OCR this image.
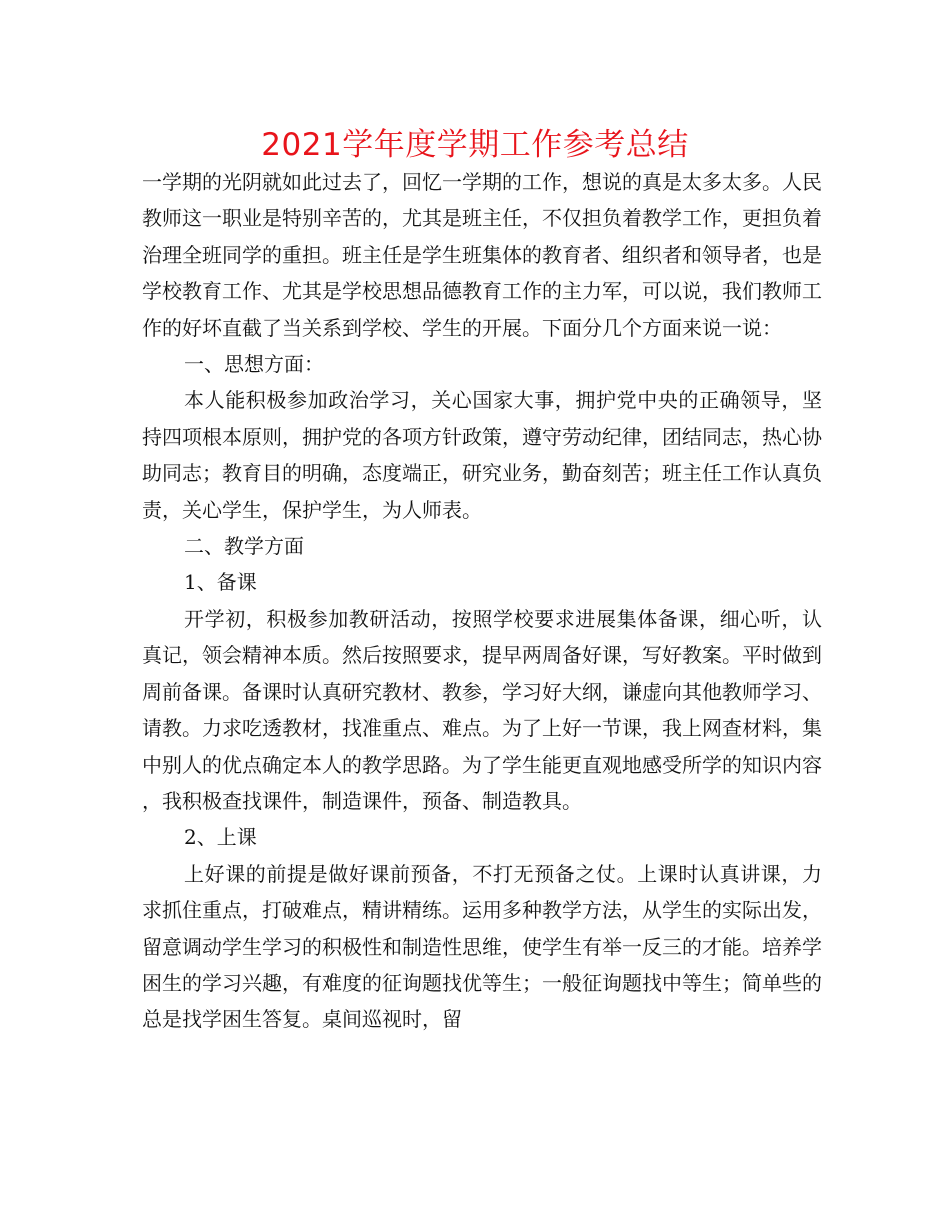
2021学年度学期工作参考总结

一学期的光阴就如此过去了，回忆一学期的工作，想说的真是太多太多。人民教师这一职业是特别辛苦的，尤其是班主任，不仅担负着教学工作，更担负着治理全班同学的重担。班主任是学生班集体的教育者、组织者和领导者，也是学校教育工作、尤其是学校思想品德教育工作的主力军，可以说，我们教师工作的好坏直截了当关系到学校、学生的开展。下面分几个方面来说一说：

一、思想方面：

本人能积极参加政治学习，关心国家大事，拥护党中央的正确领导，坚持四项根本原则，拥护党的各项方针政策，遵守劳动纪律，团结同志，热心协助同志；教育目的明确，态度端正，研究业务，勤奋刻苦；班主任工作认真负责，关心学生，保护学生，为人师表。

二、教学方面

1、备课

开学初，积极参加教研活动，按照学校要求进展集体备课，细心听，认真记，领会精神本质。然后按照要求，提早两周备好课，写好教案。平时做到周前备课。备课时认真研究教材、教参，学习好大纲，谦虚向其他教师学习、请教。力求吃透教材，找准重点、难点。为了上好一节课，我上网查材料，集中别人的优点确定本人的教学思路。为了学生能更直观地感受所学的知识内容，我积极查找课件，制造课件，预备、制造教具。

2、上课

上好课的前提是做好课前预备，不打无预备之仗。上课时认真讲课，力求抓住重点，打破难点，精讲精练。运用多种教学方法，从学生的实际出发，留意调动学生学习的积极性和制造性思维，使学生有举一反三的才能。培养学困生的学习兴趣，有难度的征询题找优等生；一般征询题找中等生；简单些的总是找学困生答复。桌间巡视时，留
